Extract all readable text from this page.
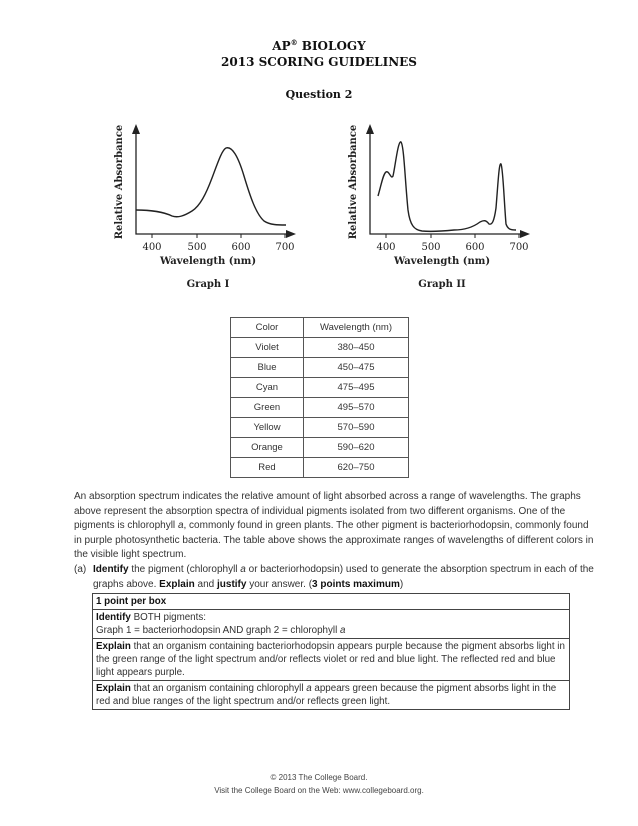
AP® BIOLOGY
2013 SCORING GUIDELINES
Question 2
400	500 600 700
Wavelength (nm)
Relative Absorbance
Graph I
400	500 600 700
Wavelength (nm)
Relative Absorbance
Graph II
Color	Wavelength (nm)
Violet	380–450
Blue	450–475
Cyan	475–495
Green	495–570
Yellow	570–590
Orange	590–620
Red	620–750
An absorption spectrum indicates the relative amount of light absorbed across a range of wavelengths. The graphs above represent the absorption spectra of individual pigments isolated from two different organisms. One of the pigments is chlorophyll a, commonly found in green plants. The other pigment is bacteriorhodopsin, commonly found in purple photosynthetic bacteria. The table above shows the approximate ranges of wavelengths of different colors in the visible light spectrum.
(a) Identify the pigment (chlorophyll a or bacteriorhodopsin) used to generate the absorption spectrum in each of the graphs above. Explain and justify your answer. (3 points maximum)
1 point per box
Identify BOTH pigments:
Graph 1 = bacteriorhodopsin AND graph 2 = chlorophyll a
Explain that an organism containing bacteriorhodopsin appears purple because the pigment absorbs light in the green range of the light spectrum and/or reflects violet or red and blue light. The reflected red and blue light appears purple.
Explain that an organism containing chlorophyll a appears green because the pigment absorbs light in the red and blue ranges of the light spectrum and/or reflects green light.
© 2013 The College Board.
Visit the College Board on the Web: www.collegeboard.org.
